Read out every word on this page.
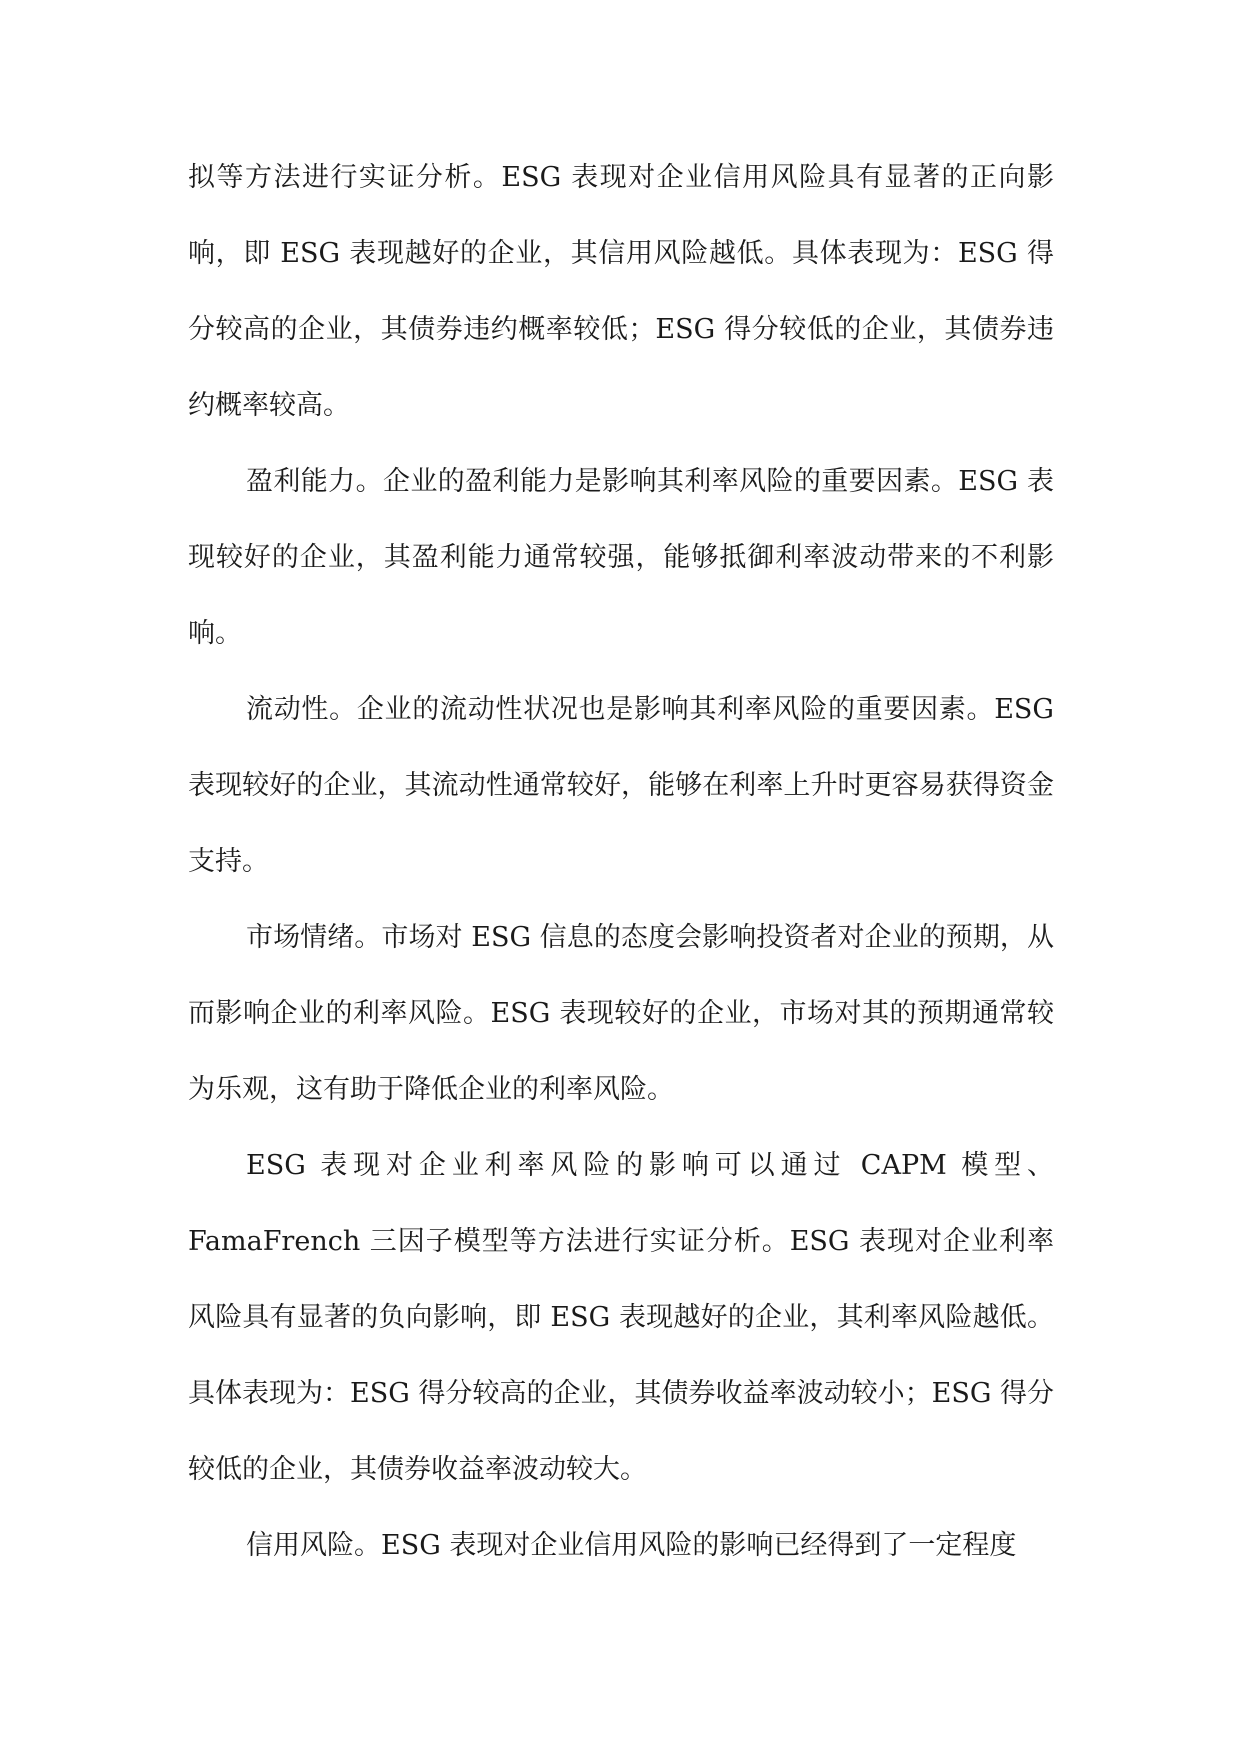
拟等方法进行实证分析。ESG 表现对企业信用风险具有显著的正向影响，即 ESG 表现越好的企业，其信用风险越低。具体表现为：ESG 得分较高的企业，其债券违约概率较低；ESG 得分较低的企业，其债券违约概率较高。

盈利能力。企业的盈利能力是影响其利率风险的重要因素。ESG 表现较好的企业，其盈利能力通常较强，能够抵御利率波动带来的不利影响。

流动性。企业的流动性状况也是影响其利率风险的重要因素。ESG 表现较好的企业，其流动性通常较好，能够在利率上升时更容易获得资金支持。

市场情绪。市场对 ESG 信息的态度会影响投资者对企业的预期，从而影响企业的利率风险。ESG 表现较好的企业，市场对其的预期通常较为乐观，这有助于降低企业的利率风险。

ESG 表现对企业利率风险的影响可以通过 CAPM 模型、FamaFrench 三因子模型等方法进行实证分析。ESG 表现对企业利率风险具有显著的负向影响，即 ESG 表现越好的企业，其利率风险越低。具体表现为：ESG 得分较高的企业，其债券收益率波动较小；ESG 得分较低的企业，其债券收益率波动较大。

信用风险。ESG 表现对企业信用风险的影响已经得到了一定程度
